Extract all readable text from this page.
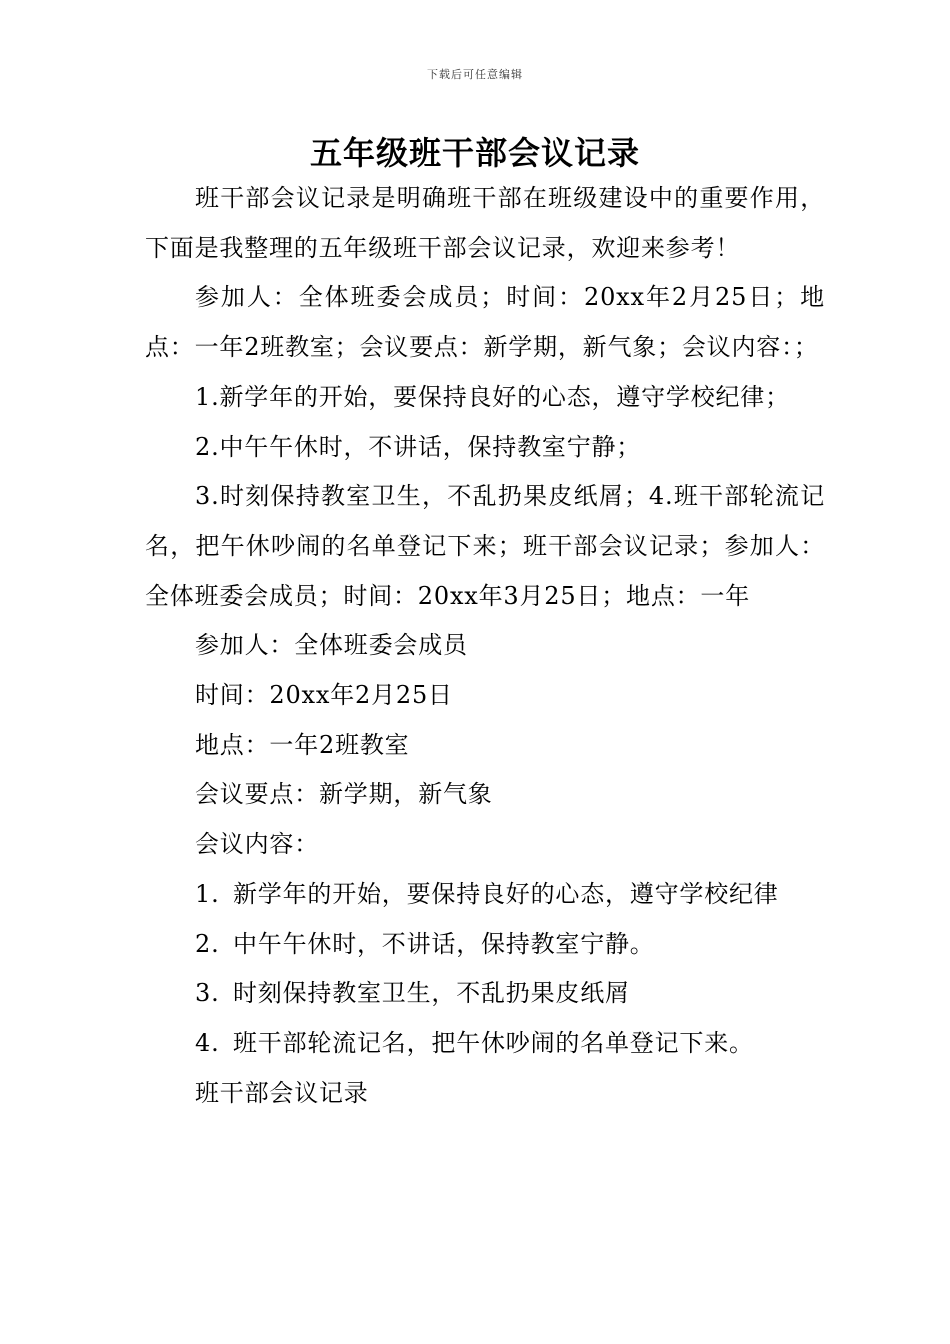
下载后可任意编辑
五年级班干部会议记录

班干部会议记录是明确班干部在班级建设中的重要作用，下面是我整理的五年级班干部会议记录，欢迎来参考！

参加人：全体班委会成员；时间：20xx年2月25日；地点：一年2班教室；会议要点：新学期，新气象；会议内容：；

1.新学年的开始，要保持良好的心态，遵守学校纪律；

2.中午午休时，不讲话，保持教室宁静；

3.时刻保持教室卫生，不乱扔果皮纸屑；4.班干部轮流记名，把午休吵闹的名单登记下来；班干部会议记录；参加人：全体班委会成员；时间：20xx年3月25日；地点：一年

参加人：全体班委会成员

时间：20xx年2月25日

地点：一年2班教室

会议要点：新学期，新气象

会议内容：

1. 新学年的开始，要保持良好的心态，遵守学校纪律

2. 中午午休时，不讲话，保持教室宁静。

3. 时刻保持教室卫生，不乱扔果皮纸屑

4. 班干部轮流记名，把午休吵闹的名单登记下来。

班干部会议记录
